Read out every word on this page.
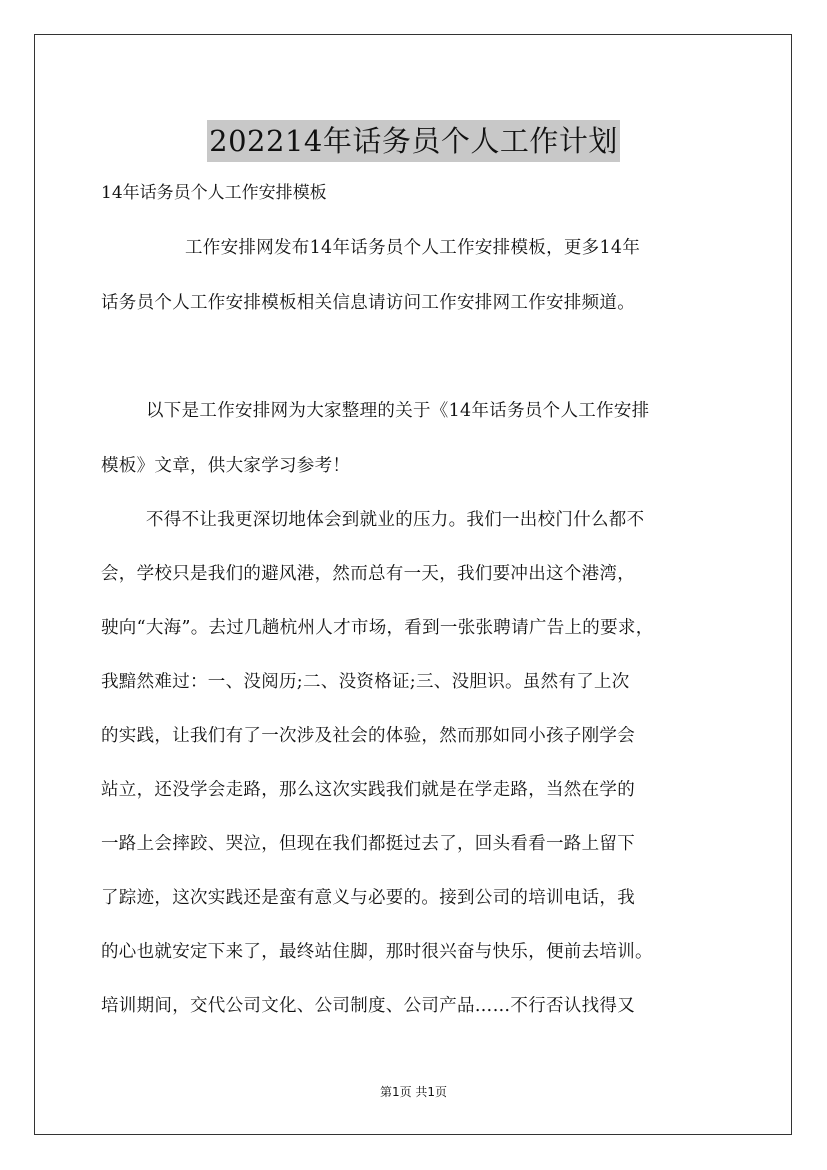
202214年话务员个人工作计划
14年话务员个人工作安排模板
工作安排网发布14年话务员个人工作安排模板，更多14年
话务员个人工作安排模板相关信息请访问工作安排网工作安排频道。
以下是工作安排网为大家整理的关于《14年话务员个人工作安排
模板》文章，供大家学习参考！
不得不让我更深切地体会到就业的压力。我们一出校门什么都不
会，学校只是我们的避风港，然而总有一天，我们要冲出这个港湾，
驶向“大海”。去过几趟杭州人才市场，看到一张张聘请广告上的要求，
我黯然难过：一、没阅历;二、没资格证;三、没胆识。虽然有了上次
的实践，让我们有了一次涉及社会的体验，然而那如同小孩子刚学会
站立，还没学会走路，那么这次实践我们就是在学走路，当然在学的
一路上会摔跤、哭泣，但现在我们都挺过去了，回头看看一路上留下
了踪迹，这次实践还是蛮有意义与必要的。接到公司的培训电话，我
的心也就安定下来了，最终站住脚，那时很兴奋与快乐，便前去培训。
培训期间，交代公司文化、公司制度、公司产品……不行否认找得又
第1页 共1页
